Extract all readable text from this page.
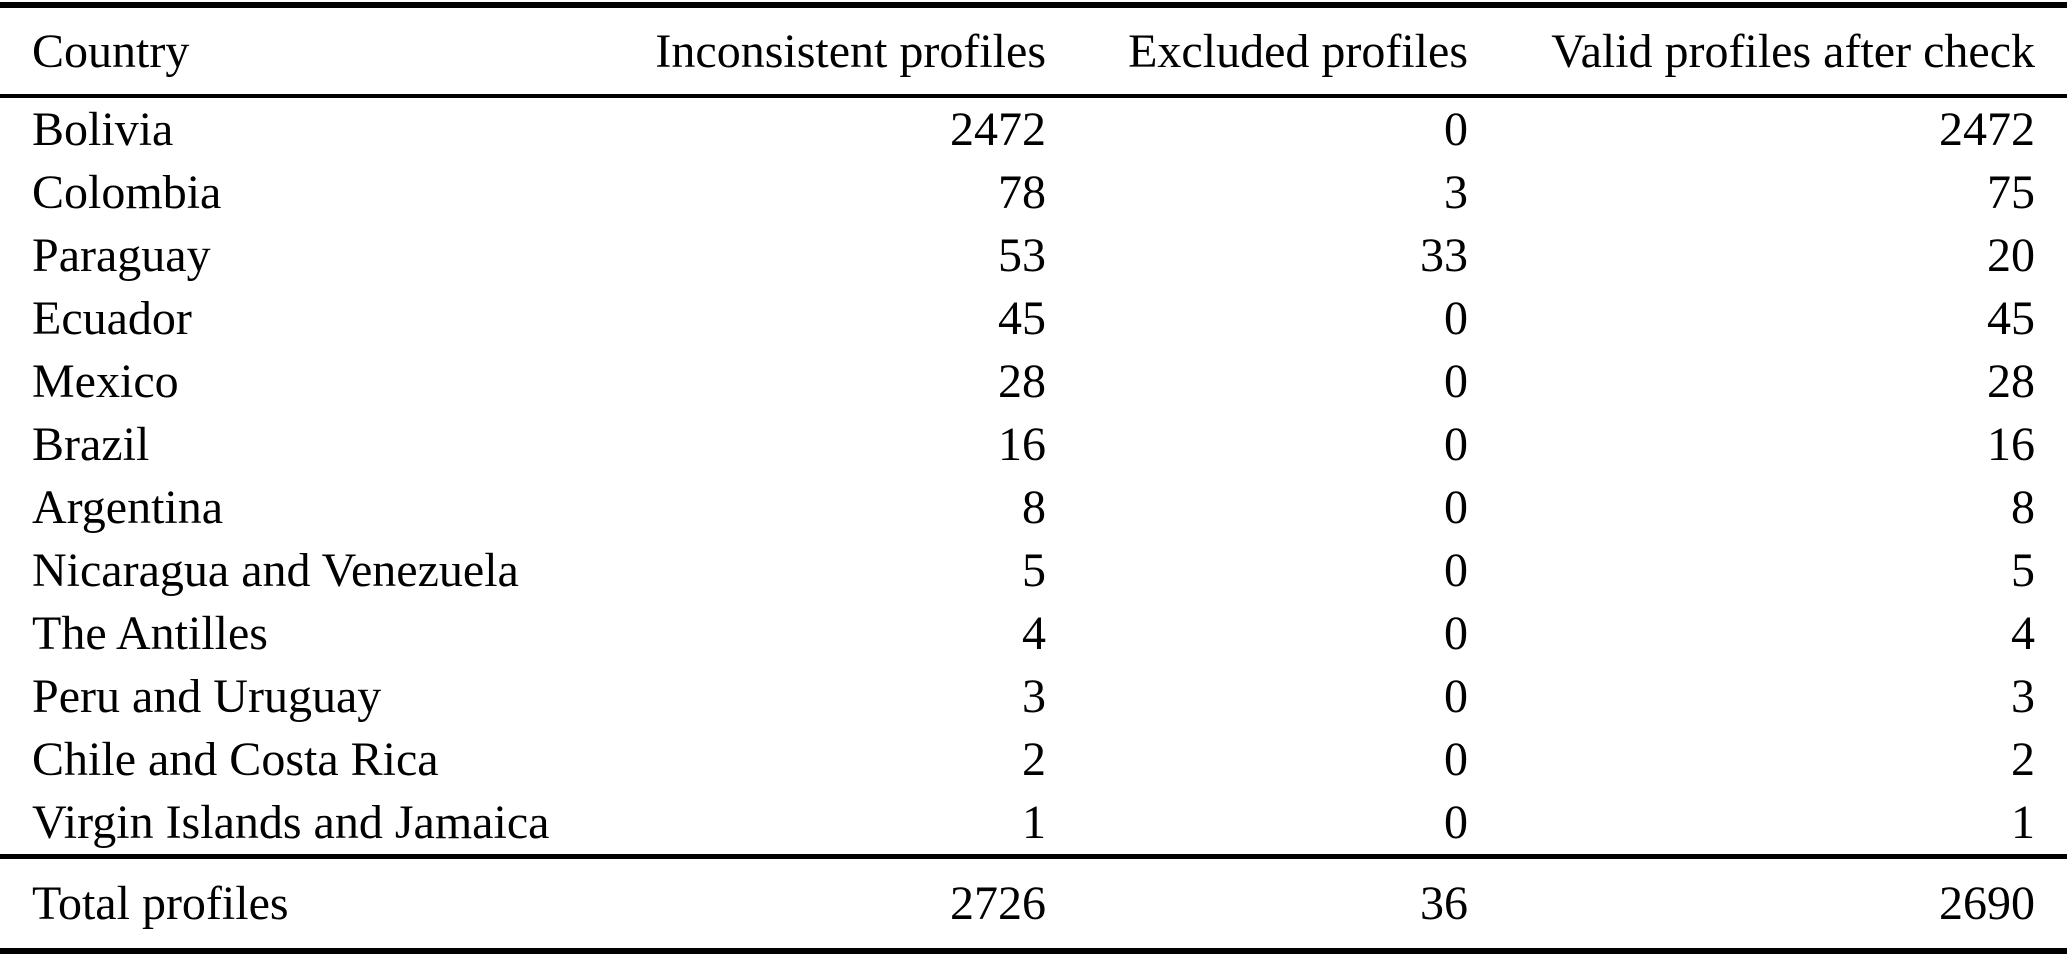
Country	Inconsistent profiles	Excluded profiles	Valid profiles after check
Bolivia	2472	0	2472
Colombia	78	3	75
Paraguay	53	33	20
Ecuador	45	0	45
Mexico	28	0	28
Brazil	16	0	16
Argentina	8	0	8
Nicaragua and Venezuela	5	0	5
The Antilles	4	0	4
Peru and Uruguay	3	0	3
Chile and Costa Rica	2	0	2
Virgin Islands and Jamaica	1	0	1
Total profiles	2726	36	2690
